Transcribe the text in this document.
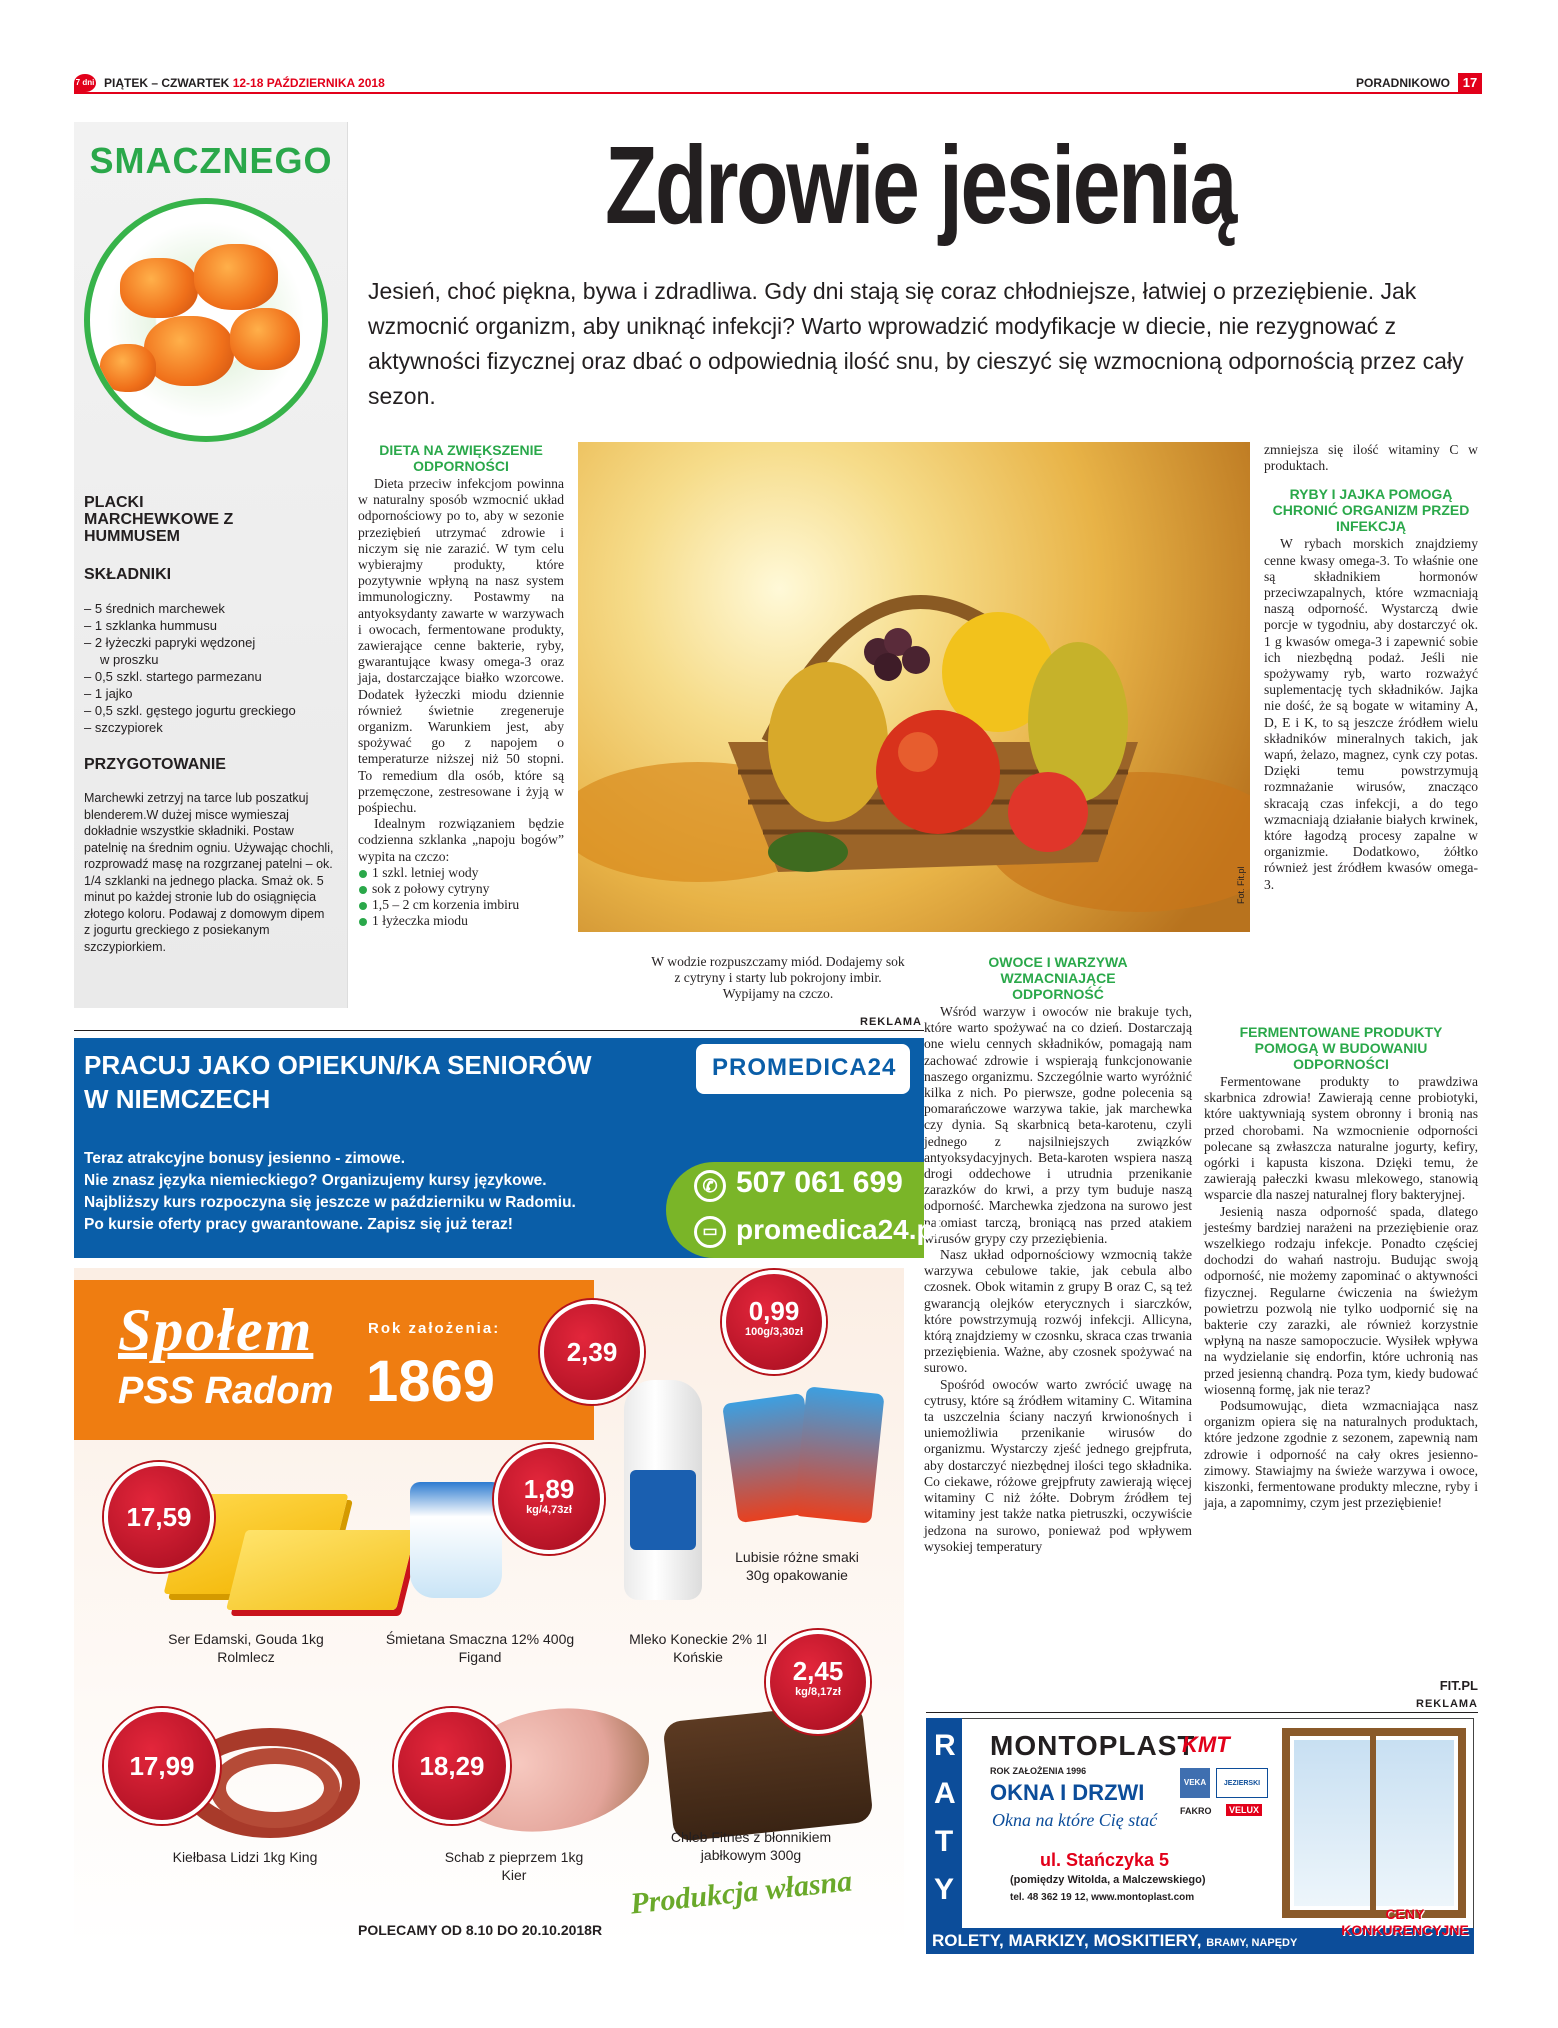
7 dni PIĄTEK – CZWARTEK 12-18 PAŹDZIERNIKA 2018	PORADNIKOWO 17
SMACZNEGO
PLACKI MARCHEWKOWE Z HUMMUSEM
SKŁADNIKI
– 5 średnich marchewek
– 1 szklanka hummusu
– 2 łyżeczki papryki wędzonej
w proszku
– 0,5 szkl. startego parmezanu
– 1 jajko
– 0,5 szkl. gęstego jogurtu greckiego
– szczypiorek
PRZYGOTOWANIE
Marchewki zetrzyj na tarce lub poszatkuj blenderem.W dużej misce wymieszaj dokładnie wszystkie składniki. Postaw patelnię na średnim ogniu. Używając chochli, rozprowadź masę na rozgrzanej patelni – ok. 1/4 szklanki na jednego placka. Smaż ok. 5 minut po każdej stronie lub do osiągnięcia złotego koloru. Podawaj z domowym dipem z jogurtu greckiego z posiekanym szczypiorkiem.
Zdrowie jesienią
Jesień, choć piękna, bywa i zdradliwa. Gdy dni stają się coraz chłodniejsze, łatwiej o przeziębienie. Jak wzmocnić organizm, aby uniknąć infekcji? Warto wprowadzić modyfikacje w diecie, nie rezygnować z aktywności fizycznej oraz dbać o odpowiednią ilość snu, by cieszyć się wzmocnioną odpornością przez cały sezon.
DIETA NA ZWIĘKSZENIE ODPORNOŚCI

Dieta przeciw infekcjom powinna w naturalny sposób wzmocnić układ odpornościowy po to, aby w sezonie przeziębień utrzymać zdrowie i niczym się nie zarazić. W tym celu wybierajmy produkty, które pozytywnie wpłyną na nasz system immunologiczny. Postawmy na antyoksydanty zawarte w warzywach i owocach, fermentowane produkty, zawierające cenne bakterie, ryby, gwarantujące kwasy omega-3 oraz jaja, dostarczające białko wzorcowe. Dodatek łyżeczki miodu dziennie również świetnie zregeneruje organizm. Warunkiem jest, aby spożywać go z napojem o temperaturze niższej niż 50 stopni. To remedium dla osób, które są przemęczone, zestresowane i żyją w pośpiechu.

Idealnym rozwiązaniem będzie codzienna szklanka „napoju bogów” wypita na czczo:

1 szkl. letniej wody
sok z połowy cytryny
1,5 – 2 cm korzenia imbiru
1 łyżeczka miodu
Fot. Fit.pl
W wodzie rozpuszczamy miód. Dodajemy sok z cytryny i starty lub pokrojony imbir. Wypijamy na czczo.
OWOCE I WARZYWA WZMACNIAJĄCE ODPORNOŚĆ

Wśród warzyw i owoców nie brakuje tych, które warto spożywać na co dzień. Dostarczają one wielu cennych składników, pomagają nam zachować zdrowie i wspierają funkcjonowanie naszego organizmu. Szczególnie warto wyróżnić kilka z nich. Po pierwsze, godne polecenia są pomarańczowe warzywa takie, jak marchewka czy dynia. Są skarbnicą beta-karotenu, czyli jednego z najsilniejszych związków antyoksydacyjnych. Beta-karoten wspiera naszą drogi oddechowe i utrudnia przenikanie zarazków do krwi, a przy tym buduje naszą odporność. Marchewka zjedzona na surowo jest natomiast tarczą, broniącą nas przed atakiem wirusów grypy czy przeziębienia.

Nasz układ odpornościowy wzmocnią także warzywa cebulowe takie, jak cebula albo czosnek. Obok witamin z grupy B oraz C, są też gwarancją olejków eterycznych i siarczków, które powstrzymują rozwój infekcji. Allicyna, którą znajdziemy w czosnku, skraca czas trwania przeziębienia. Ważne, aby czosnek spożywać na surowo.

Spośród owoców warto zwrócić uwagę na cytrusy, które są źródłem witaminy C. Witamina ta uszczelnia ściany naczyń krwionośnych i uniemożliwia przenikanie wirusów do organizmu. Wystarczy zjeść jednego grejpfruta, aby dostarczyć niezbędnej ilości tego składnika. Co ciekawe, różowe grejpfruty zawierają więcej witaminy C niż żółte. Dobrym źródłem tej witaminy jest także natka pietruszki, oczywiście jedzona na surowo, ponieważ pod wpływem wysokiej temperatury

zmniejsza się ilość witaminy C w produktach.

RYBY I JAJKA POMOGĄ CHRONIĆ ORGANIZM PRZED INFEKCJĄ

W rybach morskich znajdziemy cenne kwasy omega-3. To właśnie one są składnikiem hormonów przeciwzapalnych, które wzmacniają naszą odporność. Wystarczą dwie porcje w tygodniu, aby dostarczyć ok. 1 g kwasów omega-3 i zapewnić sobie ich niezbędną podaż. Jeśli nie spożywamy ryb, warto rozważyć suplementację tych składników. Jajka nie dość, że są bogate w witaminy A, D, E i K, to są jeszcze źródłem wielu składników mineralnych takich, jak wapń, żelazo, magnez, cynk czy potas. Dzięki temu powstrzymują rozmnażanie wirusów, znacząco skracają czas infekcji, a do tego wzmacniają działanie białych krwinek, które łagodzą procesy zapalne w organizmie. Dodatkowo, żółtko również jest źródłem kwasów omega-3.

FERMENTOWANE PRODUKTY POMOGĄ W BUDOWANIU ODPORNOŚCI

Fermentowane produkty to prawdziwa skarbnica zdrowia! Zawierają cenne probiotyki, które uaktywniają system obronny i bronią nas przed chorobami. Na wzmocnienie odporności polecane są zwłaszcza naturalne jogurty, kefiry, ogórki i kapusta kiszona. Dzięki temu, że zawierają pałeczki kwasu mlekowego, stanowią wsparcie dla naszej naturalnej flory bakteryjnej.

Jesienią nasza odporność spada, dlatego jesteśmy bardziej narażeni na przeziębienie oraz wszelkiego rodzaju infekcje. Ponadto częściej dochodzi do wahań nastroju. Budując swoją odporność, nie możemy zapominać o aktywności fizycznej. Regularne ćwiczenia na świeżym powietrzu pozwolą nie tylko uodpornić się na bakterie czy zarazki, ale również korzystnie wpłyną na nasze samopoczucie. Wysiłek wpływa na wydzielanie się endorfin, które uchronią nas przed jesienną chandrą. Poza tym, kiedy budować wiosenną formę, jak nie teraz?

Podsumowując, dieta wzmacniająca nasz organizm opiera się na naturalnych produktach, które jedzone zgodnie z sezonem, zapewnią nam zdrowie i odporność na cały okres jesienno-zimowy. Stawiajmy na świeże warzywa i owoce, kiszonki, fermentowane produkty mleczne, ryby i jaja, a zapomnimy, czym jest przeziębienie!

FIT.PL
REKLAMA
REKLAMA
PRACUJ JAKO OPIEKUN/KA SENIORÓW
W NIEMCZECH
PROMEDICA24
Teraz atrakcyjne bonusy jesienno - zimowe.
Nie znasz języka niemieckiego? Organizujemy kursy językowe.
Najbliższy kurs rozpoczyna się jeszcze w październiku w Radomiu.
Po kursie oferty pracy gwarantowane. Zapisz się już teraz!
✆ 507 061 699
▭ promedica24.pl
Społem
PSS Radom
Rok założenia:
1869	2,39
0,99
100g/3,30zł
17,59
1,89
kg/4,73zł
2,45
kg/8,17zł
17,99	18,29
Lubisie różne smaki 30g opakowanie
Ser Edamski, Gouda 1kg Rolmlecz
Śmietana Smaczna 12% 400g Figand
Mleko Koneckie 2% 1l Końskie
Chleb Fitnes z błonnikiem jabłkowym 300g
Kiełbasa Lidzi 1kg King	Schab z pieprzem 1kg Kier	Produkcja własna
POLECAMY OD 8.10 DO 20.10.2018R
RATY
MONTOPLAST
ROK ZAŁOŻENIA 1996
OKNA I DRZWI
Okna na które Cię stać
KMT
VEKA	JEZIERSKI
FAKRO	VELUX
ul. Stańczyka 5
(pomiędzy Witolda, a Malczewskiego)
tel. 48 362 19 12, www.montoplast.com
ROLETY, MARKIZY, MOSKITIERY, BRAMY, NAPĘDY
CENY KONKURENCYJNE
